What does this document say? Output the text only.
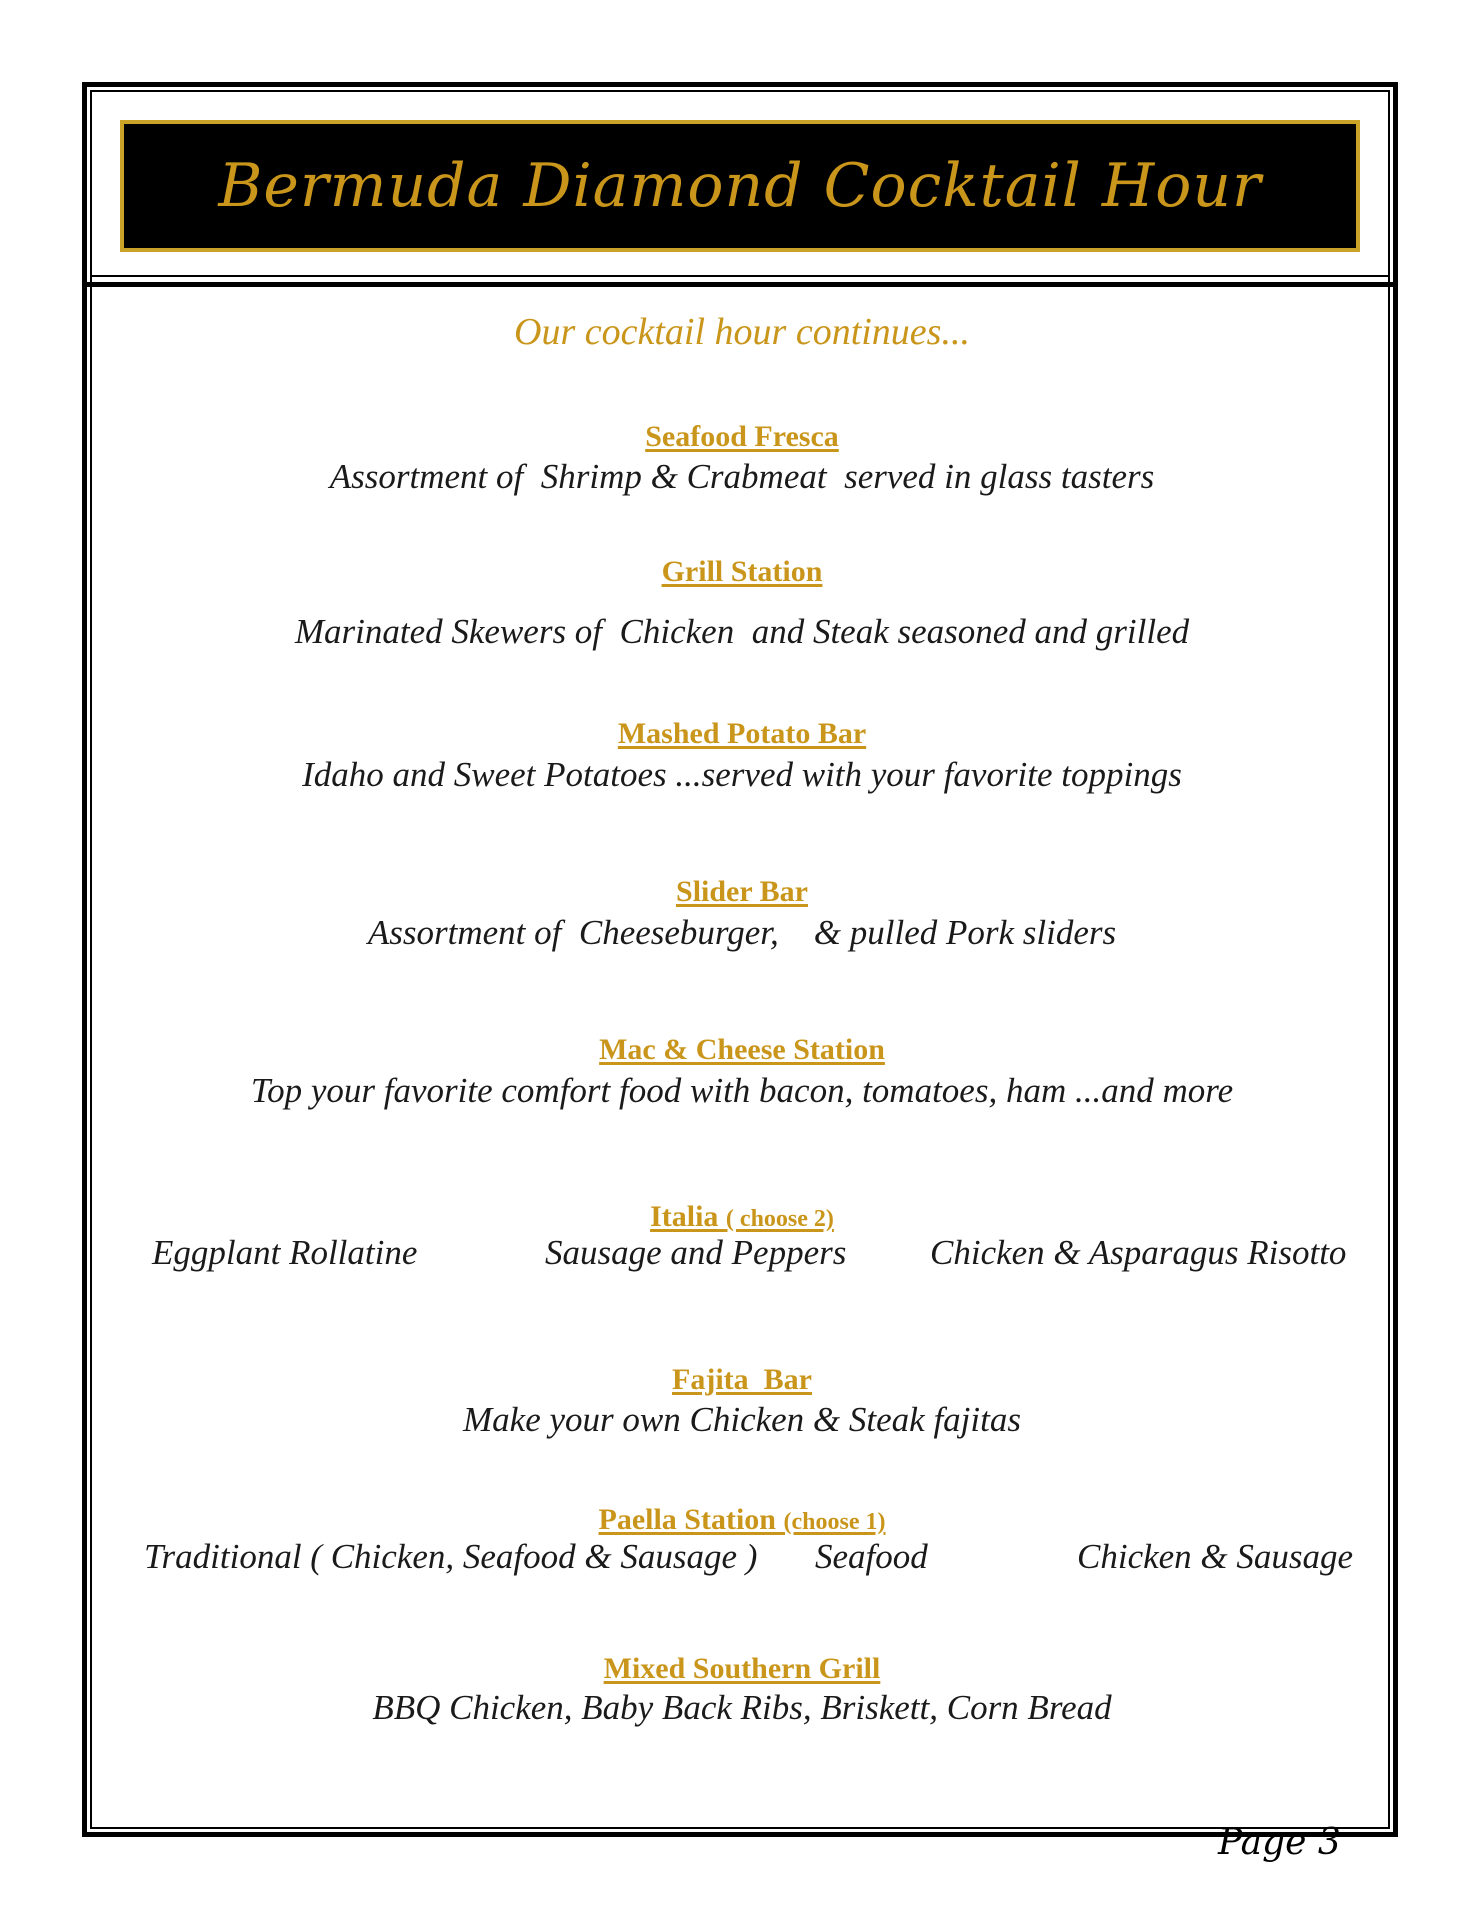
Bermuda Diamond Cocktail Hour
Our cocktail hour continues...
Seafood Fresca
Assortment of  Shrimp & Crabmeat  served in glass tasters
Grill Station
Marinated Skewers of  Chicken  and Steak seasoned and grilled
Mashed Potato Bar
Idaho and Sweet Potatoes ...served with your favorite toppings
Slider Bar
Assortment of  Cheeseburger,    & pulled Pork sliders
Mac & Cheese Station
Top your favorite comfort food with bacon, tomatoes, ham ...and more
Italia ( choose 2)
Eggplant Rollatine	Sausage and Peppers Chicken & Asparagus Risotto
Fajita  Bar
Make your own Chicken & Steak fajitas
Paella Station (choose 1)
Traditional ( Chicken, Seafood & Sausage ) Seafood	Chicken & Sausage
Mixed Southern Grill
BBQ Chicken, Baby Back Ribs, Briskett, Corn Bread
Page 3
